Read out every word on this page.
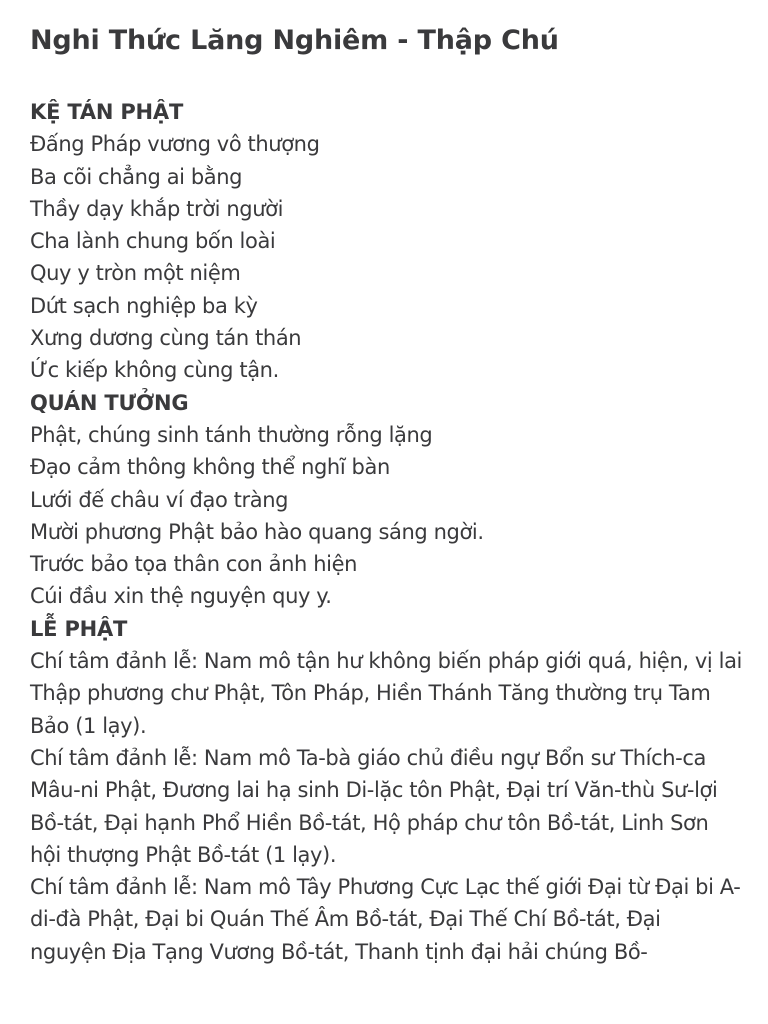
Nghi Thức Lăng Nghiêm - Thập Chú
KỆ TÁN PHẬT
Đấng Pháp vương vô thượng
Ba cõi chẳng ai bằng
Thầy dạy khắp trời người
Cha lành chung bốn loài
Quy y tròn một niệm
Dứt sạch nghiệp ba kỳ
Xưng dương cùng tán thán
Ức kiếp không cùng tận.
QUÁN TƯỞNG
Phật, chúng sinh tánh thường rỗng lặng
Đạo cảm thông không thể nghĩ bàn
Lưới đế châu ví đạo tràng
Mười phương Phật bảo hào quang sáng ngời.
Trước bảo tọa thân con ảnh hiện
Cúi đầu xin thệ nguyện quy y.
LỄ PHẬT
Chí tâm đảnh lễ: Nam mô tận hư không biến pháp giới quá, hiện, vị lai Thập phương chư Phật, Tôn Pháp, Hiền Thánh Tăng thường trụ Tam Bảo (1 lạy).
Chí tâm đảnh lễ: Nam mô Ta-bà giáo chủ điều ngự Bổn sư Thích-ca Mâu-ni Phật, Đương lai hạ sinh Di-lặc tôn Phật, Đại trí Văn-thù Sư-lợi Bồ-tát, Đại hạnh Phổ Hiền Bồ-tát, Hộ pháp chư tôn Bồ-tát, Linh Sơn hội thượng Phật Bồ-tát (1 lạy).
Chí tâm đảnh lễ: Nam mô Tây Phương Cực Lạc thế giới Đại từ Đại bi A-di-đà Phật, Đại bi Quán Thế Âm Bồ-tát, Đại Thế Chí Bồ-tát, Đại nguyện Địa Tạng Vương Bồ-tát, Thanh tịnh đại hải chúng Bồ-
